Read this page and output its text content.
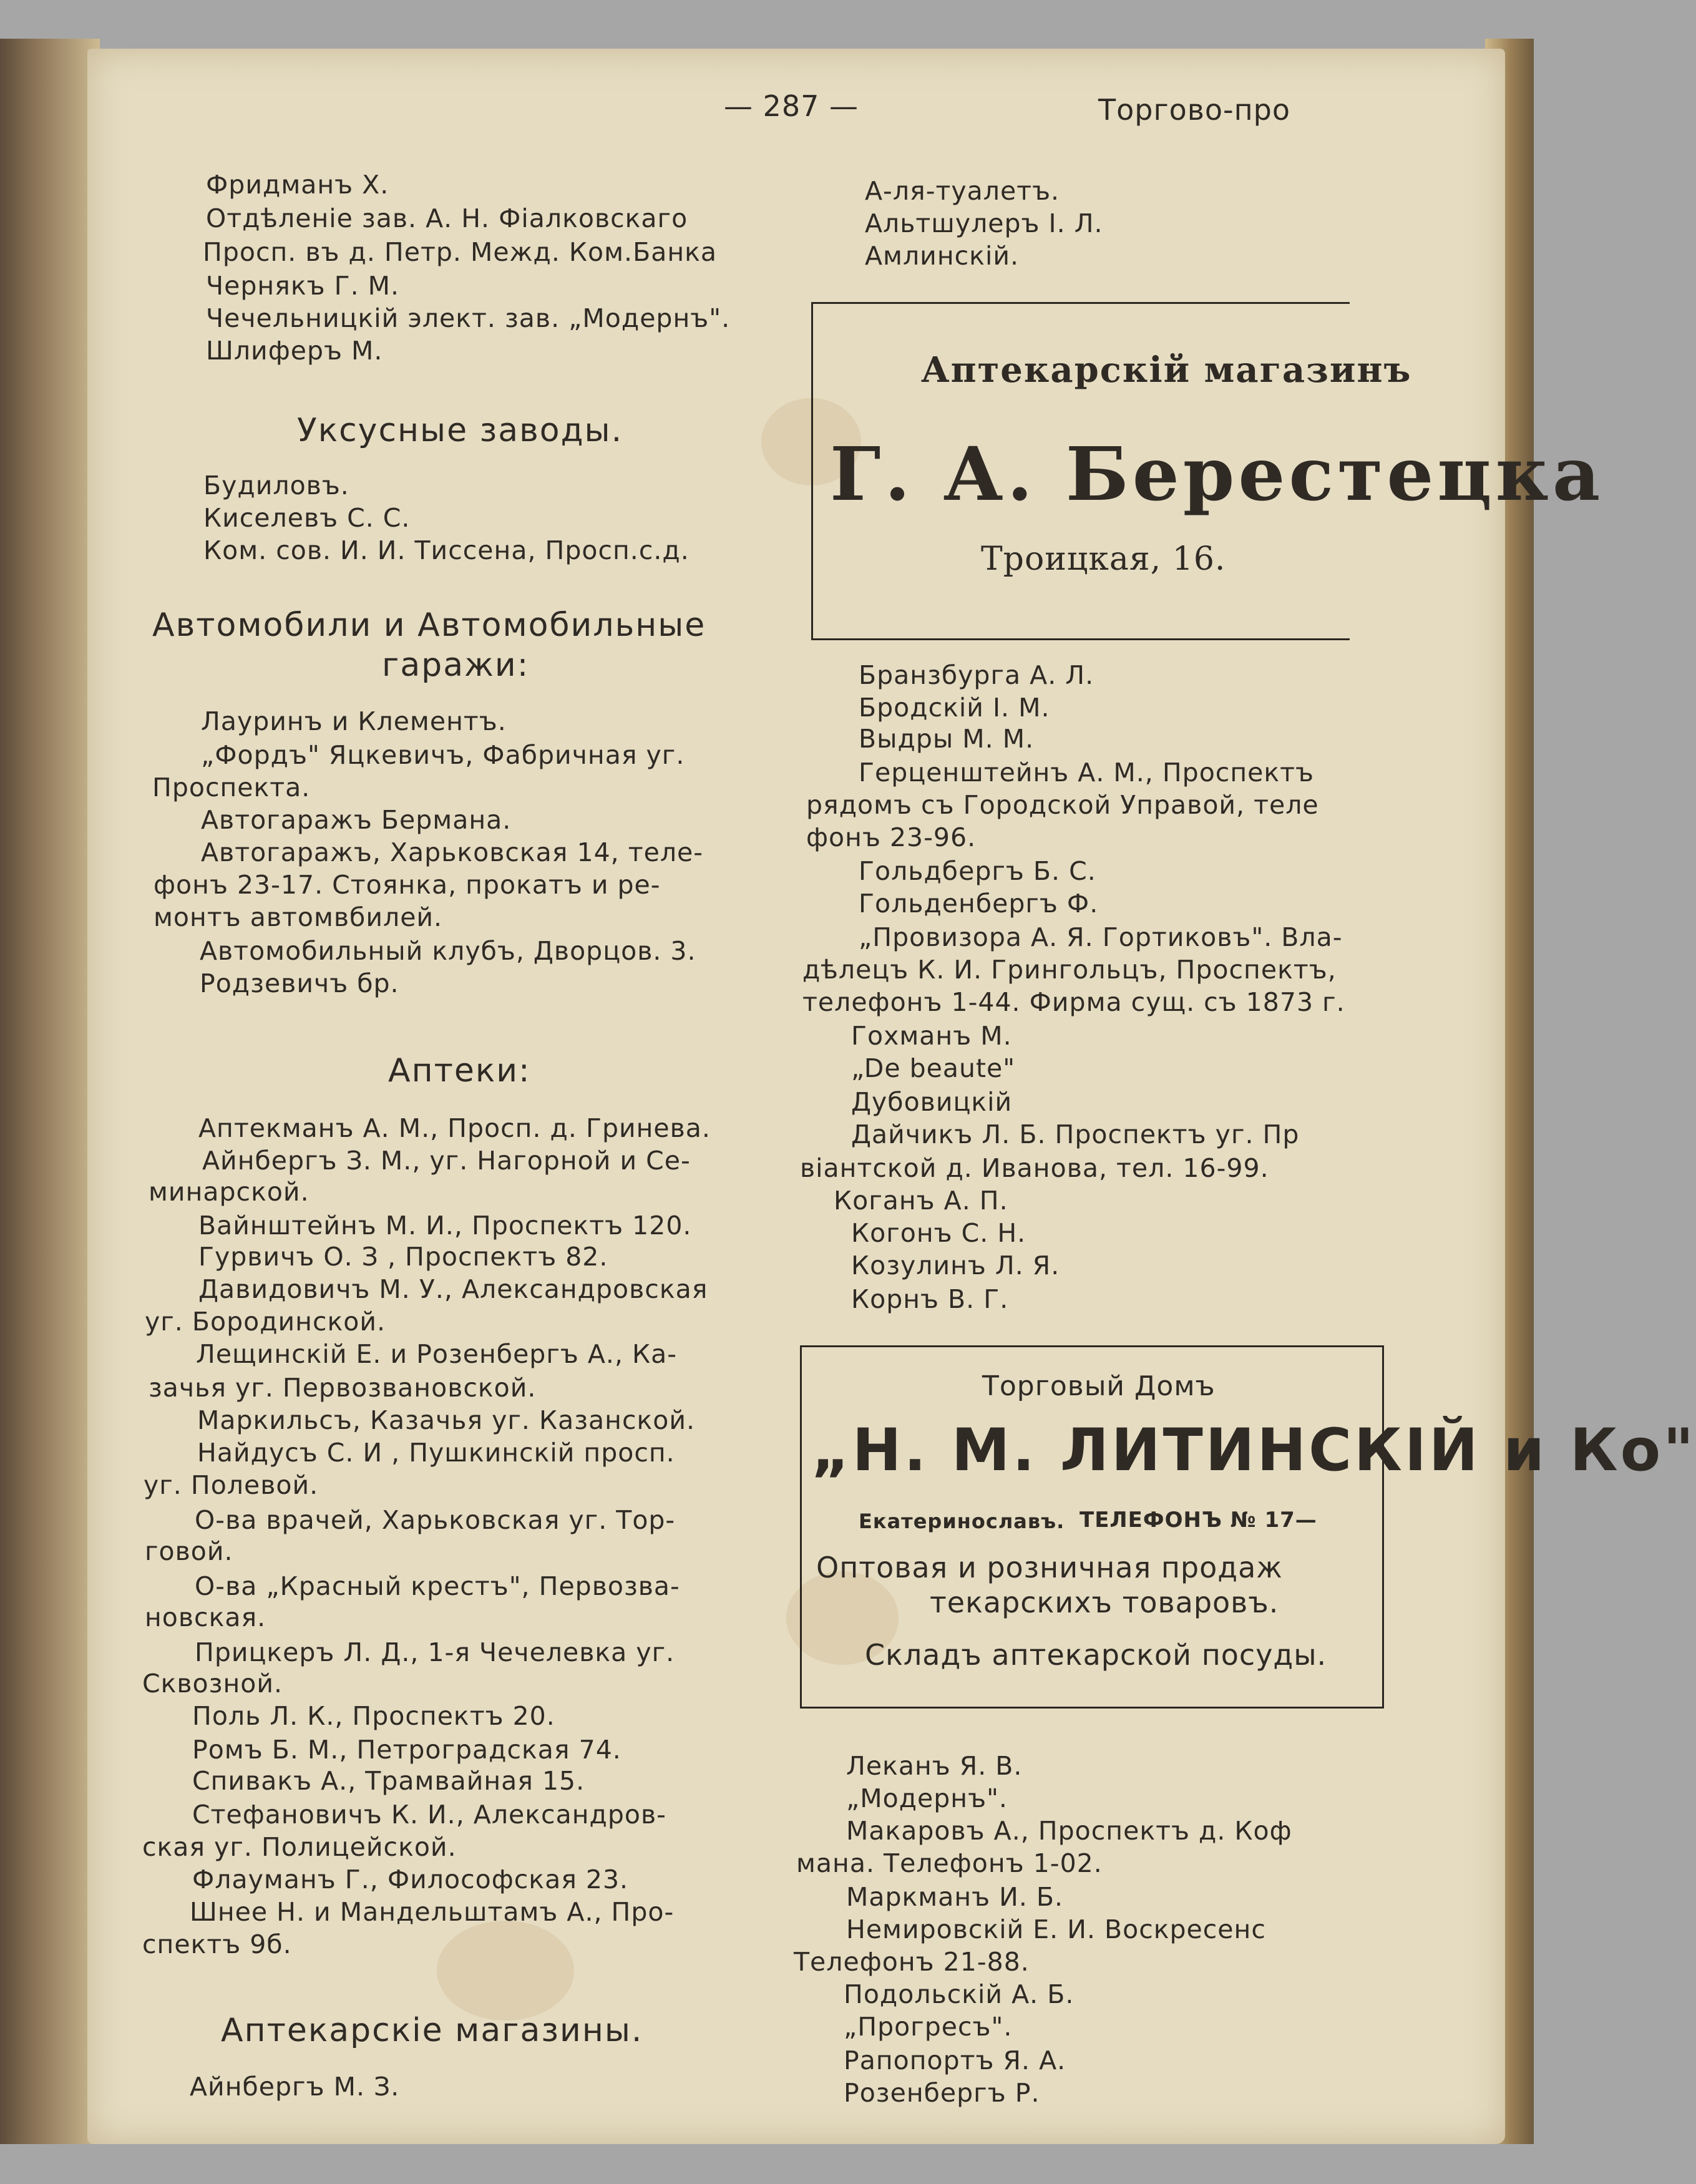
— 287 —	Торгово-про
Фридманъ Х.
Отдѣленіе зав. А. Н. Фіалковскаго
Просп. въ д. Петр. Межд. Ком.Банка
Чернякъ Г. М.
Чечельницкій элект. зав. „Модернъ".
Шлиферъ М.
Уксусные заводы.
Будиловъ.
Киселевъ С. С.
Ком. сов. И. И. Тиссена, Просп.с.д.
Автомобили и Автомобильные
гаражи:
Лауринъ и Клементъ.
„Фордъ" Яцкевичъ, Фабричная уг.
Проспекта.
Автогаражъ Бермана.
Автогаражъ, Харьковская 14, теле-
фонъ 23-17. Стоянка, прокатъ и ре-
монтъ автомвбилей.
Автомобильный клубъ, Дворцов. 3.
Родзевичъ бр.
Аптеки:
Аптекманъ А. М., Просп. д. Гринева.
Айнбергъ З. М., уг. Нагорной и Се-
минарской.
Вайнштейнъ М. И., Проспектъ 120.
Гурвичъ О. З , Проспектъ 82.
Давидовичъ М. У., Александровская
уг. Бородинской.
Лещинскій Е. и Розенбергъ А., Ка-
зачья уг. Первозвановской.
Маркильсъ, Казачья уг. Казанской.
Найдусъ С. И , Пушкинскій просп.
уг. Полевой.
О-ва врачей, Харьковская уг. Тор-
говой.
О-ва „Красный крестъ", Первозва-
новская.
Прицкеръ Л. Д., 1-я Чечелевка уг.
Сквозной.
Поль Л. К., Проспектъ 20.
Ромъ Б. М., Петроградская 74.
Спивакъ А., Трамвайная 15.
Стефановичъ К. И., Александров-
ская уг. Полицейской.
Флауманъ Г., Философская 23.
Шнее Н. и Мандельштамъ А., Про-
спектъ 9б.
Аптекарскіе магазины.
Айнбергъ М. З.
А-ля-туалетъ.
Альтшулеръ І. Л.
Амлинскій.
Аптекарскій магазинъ
Г. А. Берестецка
Троицкая, 16.
Бранзбурга А. Л.
Бродскій І. М.
Выдры М. М.
Герценштейнъ А. М., Проспектъ
рядомъ съ Городской Управой, теле
фонъ 23-96.
Гольдбергъ Б. С.
Гольденбергъ Ф.
„Провизора А. Я. Гортиковъ". Вла-
дѣлецъ К. И. Грингольцъ, Проспектъ,
телефонъ 1-44. Фирма сущ. съ 1873 г.
Гохманъ М.
„De beaute"
Дубовицкій
Дайчикъ Л. Б. Проспектъ уг. Пр
віантской д. Иванова, тел. 16-99.
Коганъ А. П.
Когонъ С. Н.
Козулинъ Л. Я.
Корнъ В. Г.
Торговый Домъ
„Н. М. ЛИТИНСКІЙ и Ко"
Екатеринославъ. ТЕЛЕФОНЪ № 17—
Оптовая и розничная продаж
текарскихъ товаровъ.
Складъ аптекарской посуды.
Леканъ Я. В.
„Модернъ".
Макаровъ А., Проспектъ д. Коф
мана. Телефонъ 1-02.
Маркманъ И. Б.
Немировскій Е. И. Воскресенс
Телефонъ 21-88.
Подольскій А. Б.
„Прогресъ".
Рапопортъ Я. А.
Розенбергъ Р.
